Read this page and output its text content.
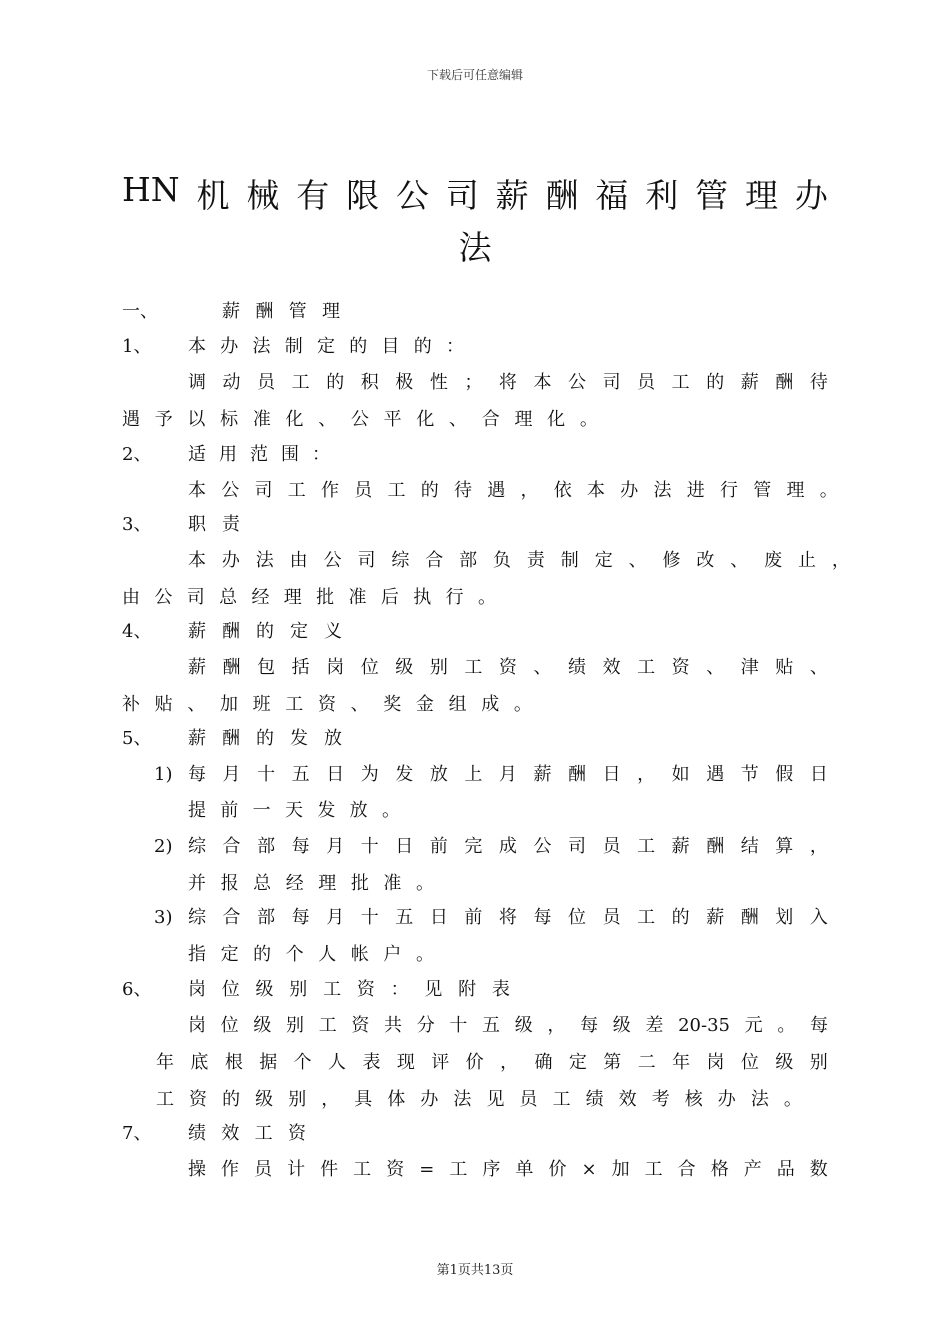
下载后可任意编辑
HN 机 械 有 限 公 司 薪 酬 福 利 管 理 办
法
一、	薪 酬 管 理
1、 本 办 法 制 定 的 目 的 ：
调 动 员 工 的 积 极 性 ； 将 本 公 司 员 工 的 薪 酬 待
遇 予 以 标 准 化 、 公 平 化 、 合 理 化 。
2、 适 用 范 围 ：
本 公 司 工 作 员 工 的 待 遇 ， 依 本 办 法 进 行 管 理 。
3、 职 责
本 办 法 由 公 司 综 合 部 负 责 制 定 、 修 改 、 废 止 ，
由 公 司 总 经 理 批 准 后 执 行 。
4、 薪 酬 的 定 义
薪 酬 包 括 岗 位 级 别 工 资 、 绩 效 工 资 、 津 贴 、
补 贴 、 加 班 工 资 、 奖 金 组 成 。
5、 薪 酬 的 发 放
1) 每 月 十 五 日 为 发 放 上 月 薪 酬 日 ， 如 遇 节 假 日
提 前 一 天 发 放 。
2) 综 合 部 每 月 十 日 前 完 成 公 司 员 工 薪 酬 结 算 ，
并 报 总 经 理 批 准 。
3) 综 合 部 每 月 十 五 日 前 将 每 位 员 工 的 薪 酬 划 入
指 定 的 个 人 帐 户 。
6、 岗 位 级 别 工 资 ： 见 附 表
岗 位 级 别 工 资 共 分 十 五 级 ， 每 级 差 20-35 元 。 每
年 底 根 据 个 人 表 现 评 价 ， 确 定 第 二 年 岗 位 级 别
工 资 的 级 别 ， 具 体 办 法 见 员 工 绩 效 考 核 办 法 。
7、 绩 效 工 资
操 作 员 计 件 工 资 = 工 序 单 价 × 加 工 合 格 产 品 数
第1页共13页
